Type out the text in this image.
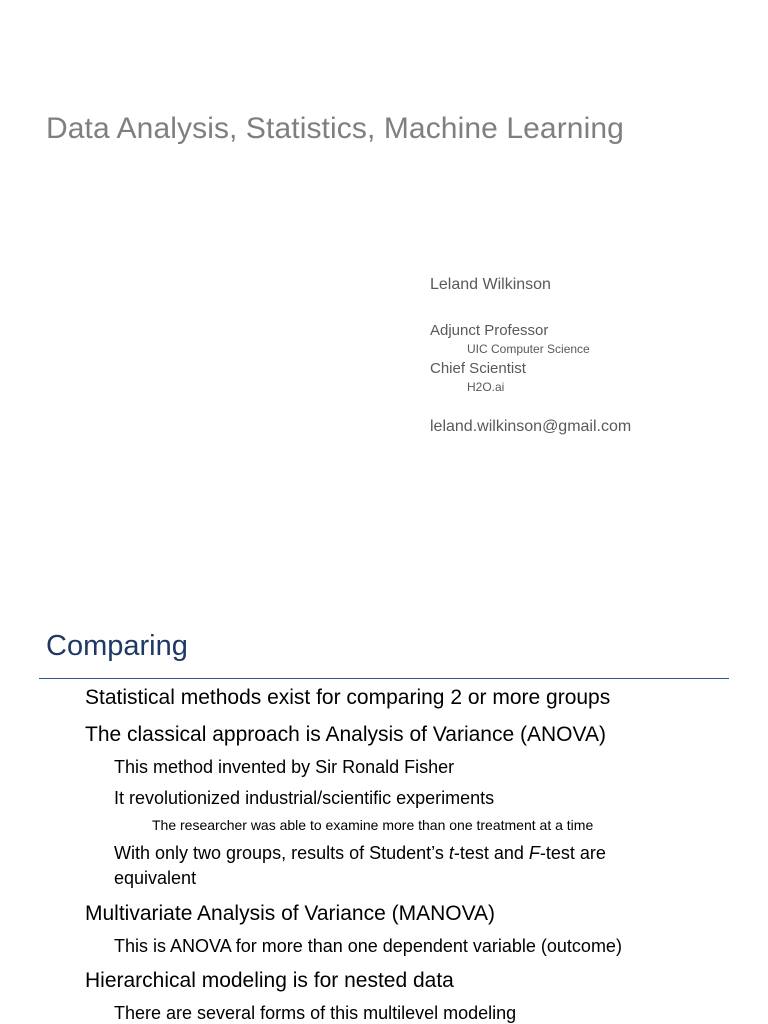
Data Analysis, Statistics, Machine Learning
Leland Wilkinson
Adjunct Professor
UIC Computer Science
Chief Scientist
H2O.ai
leland.wilkinson@gmail.com
Comparing
Statistical methods exist for comparing 2 or more groups
The classical approach is Analysis of Variance (ANOVA)
This method invented by Sir Ronald Fisher
It revolutionized industrial/scientific experiments
The researcher was able to examine more than one treatment at a time
With only two groups, results of Student’s t-test and F-test are
equivalent
Multivariate Analysis of Variance (MANOVA)
This is ANOVA for more than one dependent variable (outcome)
Hierarchical modeling is for nested data
There are several forms of this multilevel modeling
